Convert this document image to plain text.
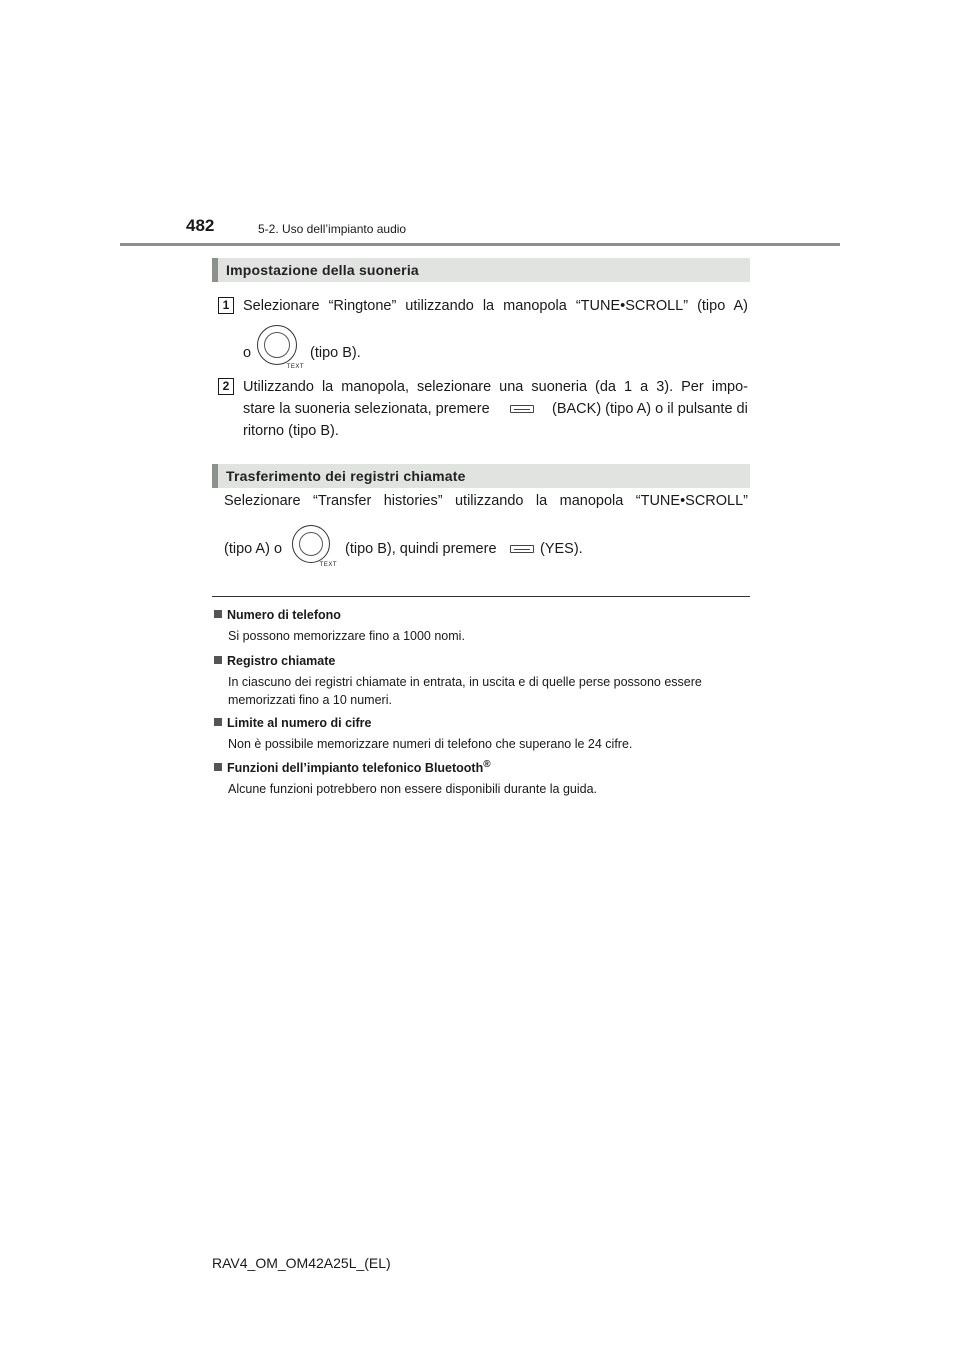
482	5-2. Uso dell’impianto audio
Impostazione della suoneria
1 Selezionare “Ringtone” utilizzando la manopola “TUNE•SCROLL” (tipo A)
o
TEXT
(tipo B).
2 Utilizzando la manopola, selezionare una suoneria (da 1 a 3). Per impo-
stare la suoneria selezionata, premere	(BACK) (tipo A) o il pulsante di
ritorno (tipo B).
Trasferimento dei registri chiamate
Selezionare “Transfer histories” utilizzando la manopola “TUNE•SCROLL”
(tipo A) o
TEXT
(tipo B), quindi premere	(YES).
Numero di telefono
Si possono memorizzare fino a 1000 nomi.
Registro chiamate
In ciascuno dei registri chiamate in entrata, in uscita e di quelle perse possono essere memorizzati fino a 10 numeri.
Limite al numero di cifre
Non è possibile memorizzare numeri di telefono che superano le 24 cifre.
Funzioni dell’impianto telefonico Bluetooth®
Alcune funzioni potrebbero non essere disponibili durante la guida.
RAV4_OM_OM42A25L_(EL)
